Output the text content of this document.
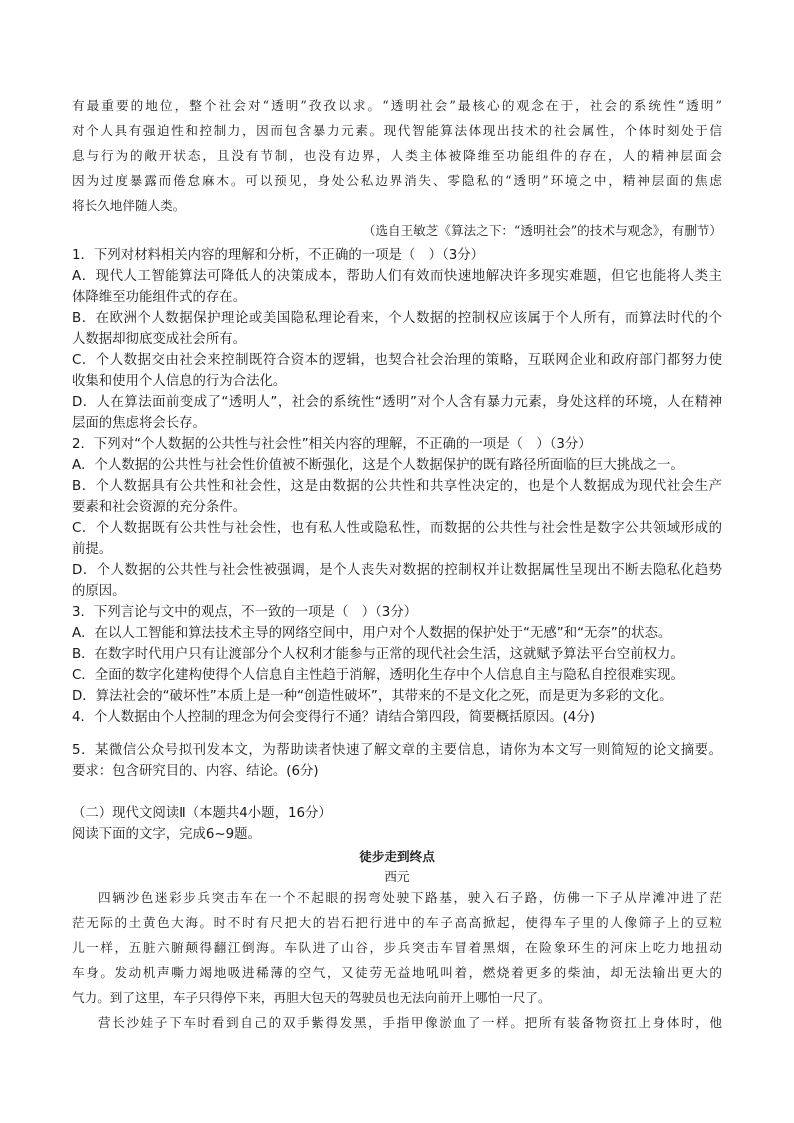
有最重要的地位，整个社会对“透明”孜孜以求。“透明社会”最核心的观念在于，社会的系统性“透明”
对个人具有强迫性和控制力，因而包含暴力元素。现代智能算法体现出技术的社会属性，个体时刻处于信
息与行为的敞开状态，且没有节制，也没有边界，人类主体被降维至功能组件的存在，人的精神层面会
因为过度暴露而倦怠麻木。可以预见，身处公私边界消失、零隐私的“透明”环境之中，精神层面的焦虑
将长久地伴随人类。
（选自王敏芝《算法之下：“透明社会”的技术与观念》，有删节）
1．下列对材料相关内容的理解和分析，不正确的一项是（　）（3分）
A．现代人工智能算法可降低人的决策成本，帮助人们有效而快速地解决许多现实难题，但它也能将人类主
体降维至功能组件式的存在。
B．在欧洲个人数据保护理论或美国隐私理论看来，个人数据的控制权应该属于个人所有，而算法时代的个
人数据却彻底变成社会所有。
C．个人数据交由社会来控制既符合资本的逻辑，也契合社会治理的策略，互联网企业和政府部门都努力使
收集和使用个人信息的行为合法化。
D．人在算法面前变成了“透明人”，社会的系统性“透明”对个人含有暴力元素，身处这样的环境，人在精神
层面的焦虑将会长存。
2．下列对“个人数据的公共性与社会性”相关内容的理解，不正确的一项是（　）（3分）
A．个人数据的公共性与社会性价值被不断强化，这是个人数据保护的既有路径所面临的巨大挑战之一。
B．个人数据具有公共性和社会性，这是由数据的公共性和共享性决定的，也是个人数据成为现代社会生产
要素和社会资源的充分条件。
C．个人数据既有公共性与社会性，也有私人性或隐私性，而数据的公共性与社会性是数字公共领域形成的
前提。
D．个人数据的公共性与社会性被强调，是个人丧失对数据的控制权并让数据属性呈现出不断去隐私化趋势
的原因。
3．下列言论与文中的观点，不一致的一项是（　）（3分）
A．在以人工智能和算法技术主导的网络空间中，用户对个人数据的保护处于“无感”和“无奈”的状态。
B．在数字时代用户只有让渡部分个人权利才能参与正常的现代社会生活，这就赋予算法平台空前权力。
C．全面的数字化建构使得个人信息自主性趋于消解，透明化生存中个人信息自主与隐私自控很难实现。
D．算法社会的“破坏性”本质上是一种“创造性破坏”，其带来的不是文化之死，而是更为多彩的文化。
4．个人数据由个人控制的理念为何会变得行不通？请结合第四段，简要概括原因。(4分)
5．某微信公众号拟刊发本文，为帮助读者快速了解文章的主要信息，请你为本文写一则简短的论文摘要。
要求：包含研究目的、内容、结论。(6分)
（二）现代文阅读Ⅱ（本题共4小题，16分）
阅读下面的文字，完成6~9题。
徒步走到终点
西元
四辆沙色迷彩步兵突击车在一个不起眼的拐弯处驶下路基，驶入石子路，仿佛一下子从岸滩冲进了茫
茫无际的土黄色大海。时不时有尺把大的岩石把行进中的车子高高掀起，使得车子里的人像筛子上的豆粒
儿一样，五脏六腑颠得翻江倒海。车队进了山谷，步兵突击车冒着黑烟，在险象环生的河床上吃力地扭动
车身。发动机声嘶力竭地吸进稀薄的空气，又徒劳无益地吼叫着，燃烧着更多的柴油，却无法输出更大的
气力。到了这里，车子只得停下来，再胆大包天的驾驶员也无法向前开上哪怕一尺了。
营长沙娃子下车时看到自己的双手紫得发黑，手指甲像淤血了一样。把所有装备物资扛上身体时，他
